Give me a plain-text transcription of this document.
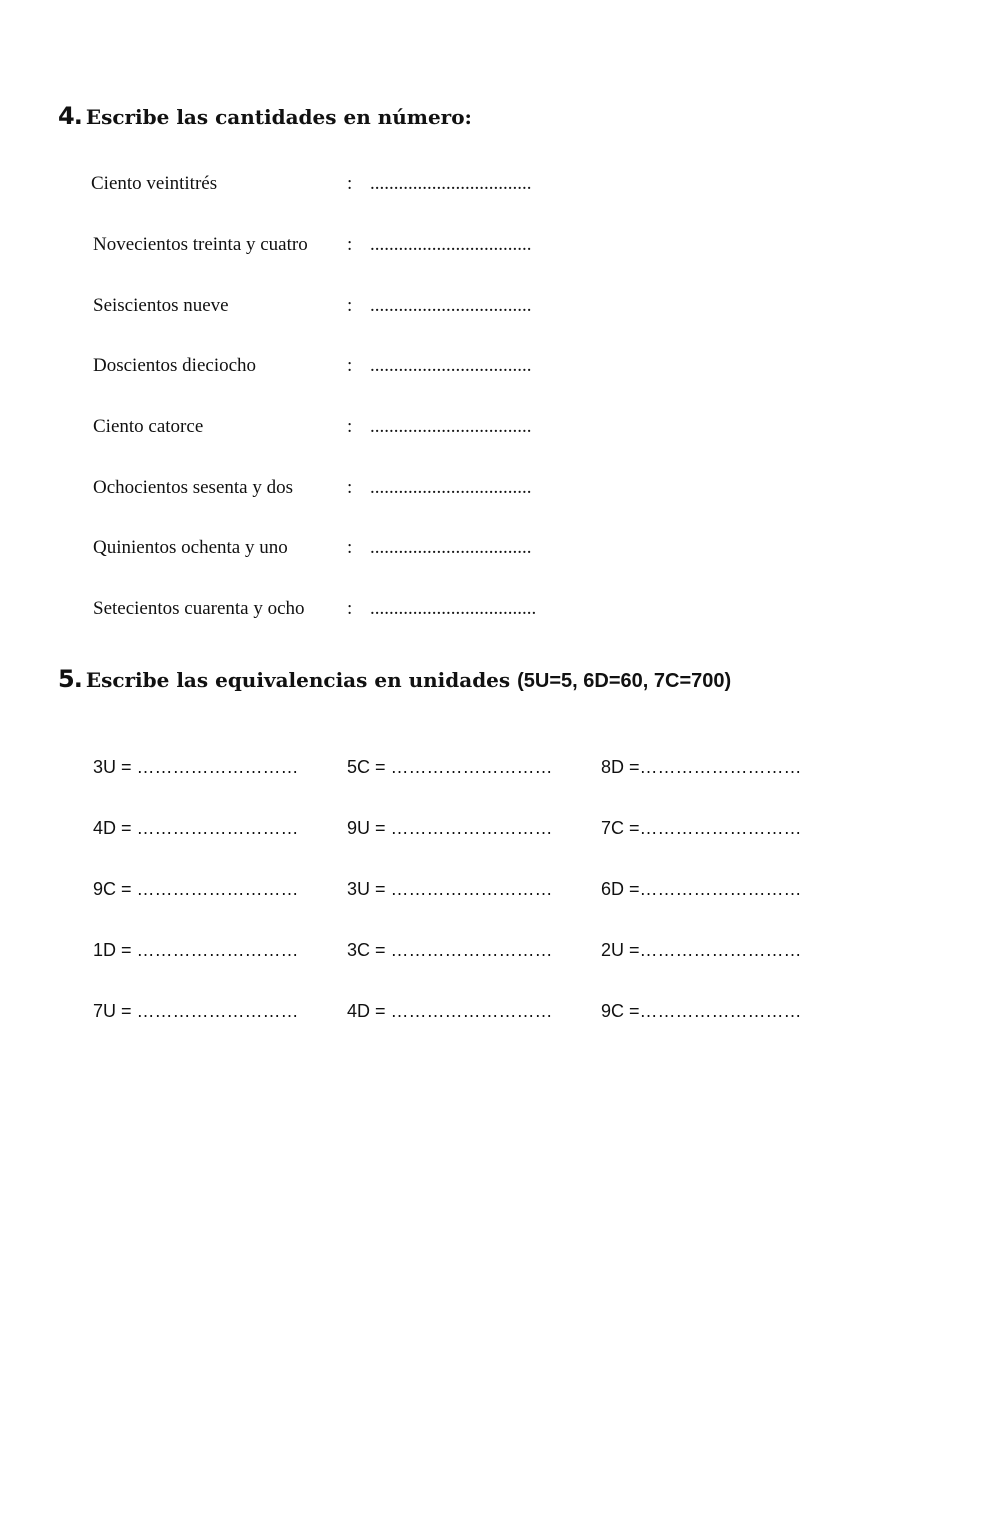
4. Escribe las cantidades en número:
Ciento veintitrés	: ..................................
Novecientos treinta y cuatro : ..................................
Seiscientos nueve	: ..................................
Doscientos dieciocho	: ..................................
Ciento catorce	: ..................................
Ochocientos sesenta y dos	: ..................................
Quinientos ochenta y uno	: ..................................
Setecientos cuarenta y ocho : ...................................
5. Escribe las equivalencias en unidades (5U=5, 6D=60, 7C=700)
3U = ………………………	5C = ………………………	8D =………………………
4D = ………………………	9U = ………………………	7C =………………………
9C = ………………………	3U = ………………………	6D =………………………
1D = ………………………	3C = ………………………	2U =………………………
7U = ………………………	4D = ………………………	9C =………………………
